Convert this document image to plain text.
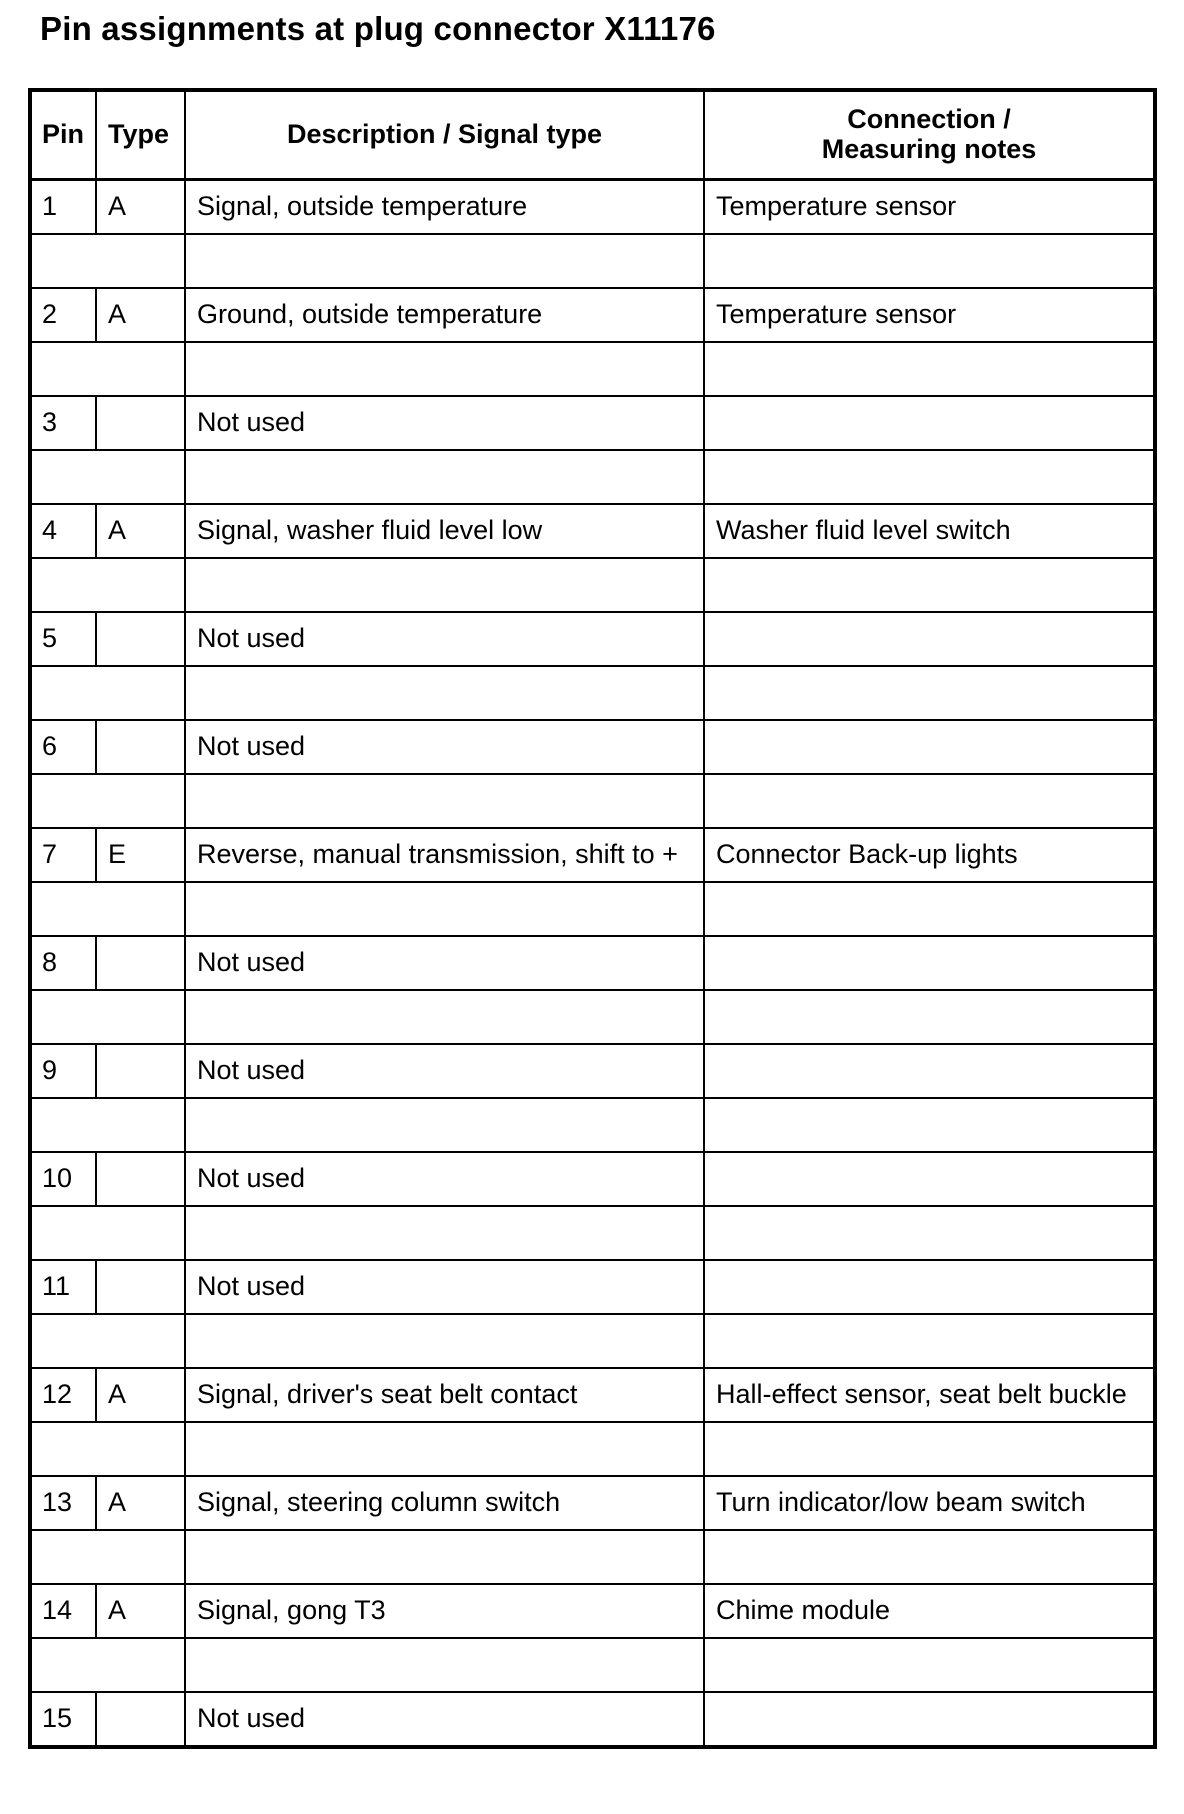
Pin assignments at plug connector X11176
Pin	Type	Description / Signal type	Connection /
Measuring notes

1	A	Signal, outside temperature	Temperature sensor

2	A	Ground, outside temperature	Temperature sensor

3		Not used	

4	A	Signal, washer fluid level low	Washer fluid level switch

5		Not used	

6		Not used	

7	E	Reverse, manual transmission, shift to +	Connector Back-up lights

8		Not used	

9		Not used	

10		Not used	

11		Not used	

12	A	Signal, driver's seat belt contact	Hall-effect sensor, seat belt buckle

13	A	Signal, steering column switch	Turn indicator/low beam switch

14	A	Signal, gong T3	Chime module

15		Not used	
